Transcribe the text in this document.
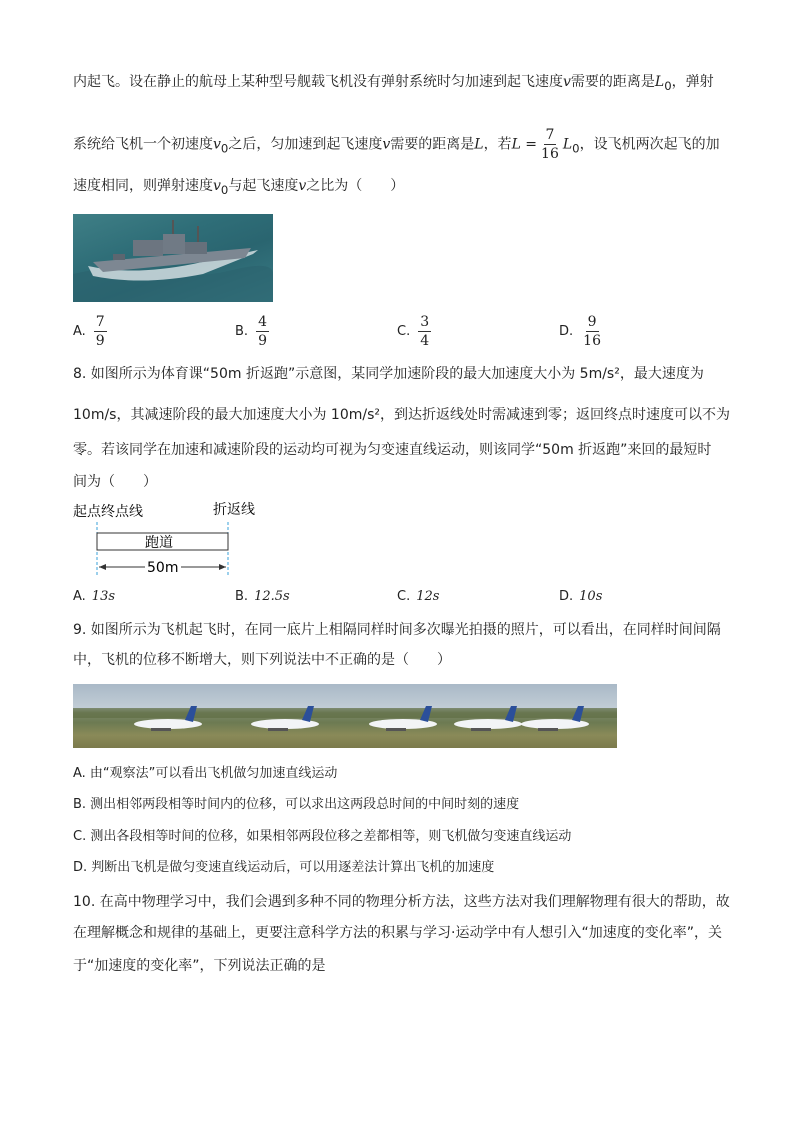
内起飞。设在静止的航母上某种型号舰载飞机没有弹射系统时匀加速到起飞速度v需要的距离是$L_0$，弹射
系统给飞机一个初速度$v_0$之后，匀加速到起飞速度v需要的距离是L，若$L = \frac{7}{16} L_0$，设飞机两次起飞的加
速度相同，则弹射速度$v_0$与起飞速度v之比为（　　）
A. $\frac{7}{9}$	B. $\frac{4}{9}$	C. $\frac{3}{4}$	D. $\frac{9}{16}$
8. 如图所示为体育课“50m 折返跑”示意图，某同学加速阶段的最大加速度大小为 5m/s²，最大速度为
10m/s，其减速阶段的最大加速度大小为 10m/s²，到达折返线处时需减速到零；返回终点时速度可以不为
零。若该同学在加速和减速阶段的运动均可视为匀变速直线运动，则该同学“50m 折返跑”来回的最短时
间为（　　）
起点终点线	折返线
跑道
50m
A. 13s	B. 12.5s	C. 12s	D. 10s
9. 如图所示为飞机起飞时，在同一底片上相隔同样时间多次曝光拍摄的照片，可以看出，在同样时间间隔
中，飞机的位移不断增大，则下列说法中不正确的是（　　）
A. 由“观察法”可以看出飞机做匀加速直线运动
B. 测出相邻两段相等时间内的位移，可以求出这两段总时间的中间时刻的速度
C. 测出各段相等时间的位移，如果相邻两段位移之差都相等，则飞机做匀变速直线运动
D. 判断出飞机是做匀变速直线运动后，可以用逐差法计算出飞机的加速度
10. 在高中物理学习中，我们会遇到多种不同的物理分析方法，这些方法对我们理解物理有很大的帮助，故
在理解概念和规律的基础上，更要注意科学方法的积累与学习·运动学中有人想引入“加速度的变化率”，关
于“加速度的变化率”，下列说法正确的是
